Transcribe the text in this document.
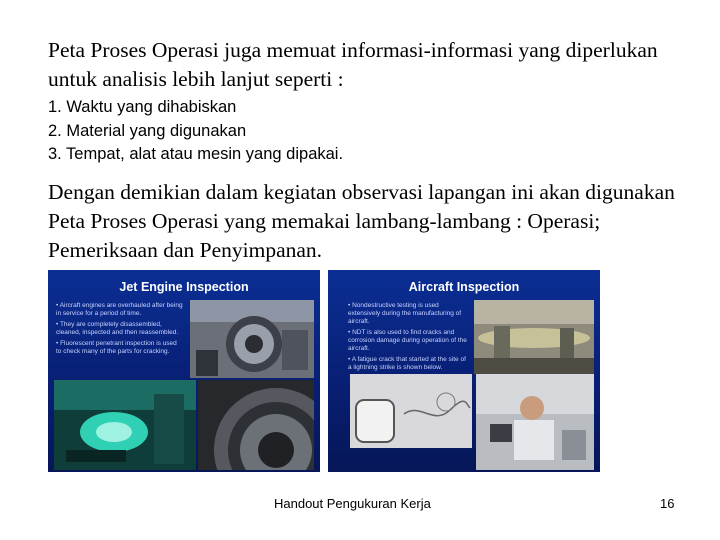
Peta Proses Operasi juga memuat informasi-informasi yang diperlukan untuk analisis lebih lanjut seperti :
1. Waktu yang dihabiskan
2. Material yang digunakan
3. Tempat, alat atau mesin yang dipakai.
Dengan demikian dalam kegiatan observasi lapangan ini akan digunakan Peta Proses Operasi yang memakai lambang-lambang : Operasi; Pemeriksaan dan Penyimpanan.
Jet Engine Inspection
• Aircraft engines are overhauled after being in service for a period of time.
• They are completely disassembled, cleaned, inspected and then reassembled.
• Fluorescent penetrant inspection is used to check many of the parts for cracking.
Aircraft Inspection
• Nondestructive testing is used extensively during the manufacturing of aircraft.
• NDT is also used to find cracks and corrosion damage during operation of the aircraft.
• A fatigue crack that started at the site of a lightning strike is shown below.
Handout Pengukuran Kerja	16
